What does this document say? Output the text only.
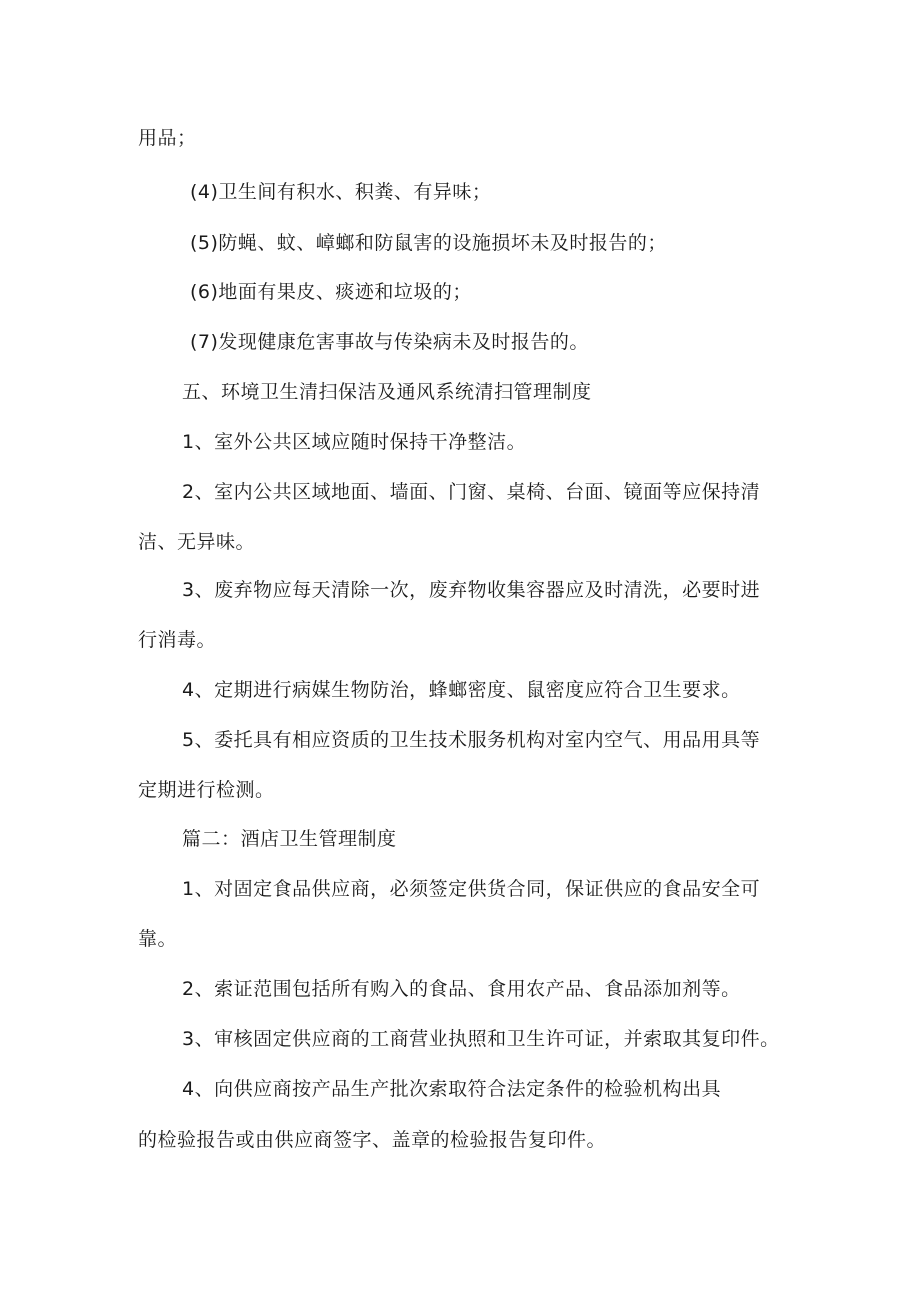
用品；
(4)卫生间有积水、积粪、有异味；
(5)防蝇、蚊、嶂螂和防鼠害的设施损坏未及时报告的；
(6)地面有果皮、痰迹和垃圾的；
(7)发现健康危害事故与传染病未及时报告的。
五、环境卫生清扫保洁及通风系统清扫管理制度
1、室外公共区域应随时保持干净整洁。
2、室内公共区域地面、墙面、门窗、桌椅、台面、镜面等应保持清
洁、无异味。
3、废弃物应每天清除一次，废弃物收集容器应及时清洗，必要时进
行消毒。
4、定期进行病媒生物防治，蜂螂密度、鼠密度应符合卫生要求。
5、委托具有相应资质的卫生技术服务机构对室内空气、用品用具等
定期进行检测。
篇二：酒店卫生管理制度
1、对固定食品供应商，必须签定供货合同，保证供应的食品安全可
靠。
2、索证范围包括所有购入的食品、食用农产品、食品添加剂等。
3、审核固定供应商的工商营业执照和卫生许可证，并索取其复印件。
4、向供应商按产品生产批次索取符合法定条件的检验机构出具
的检验报告或由供应商签字、盖章的检验报告复印件。
